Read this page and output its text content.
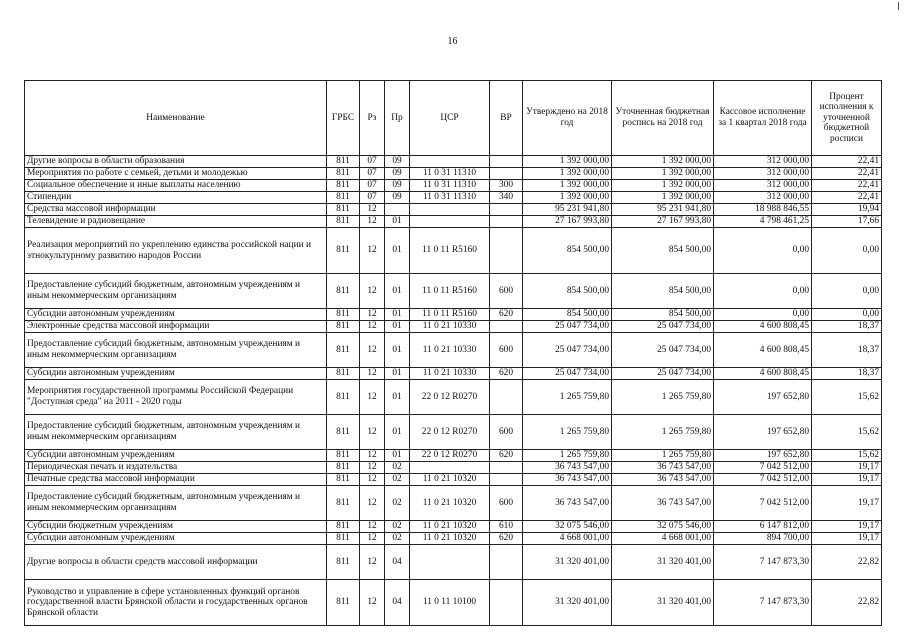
16
Наименование	ГРБС	Рз	Пр	ЦСР	ВР	Утверждено на 2018 год	Уточненная бюджетная роспись на 2018 год	Кассовое исполнение за 1 квартал 2018 года	Процент исполнения к уточненной бюджетной росписи
Другие вопросы в области образования	811	07	09			1 392 000,00	1 392 000,00	312 000,00	22,41
Мероприятия по работе с семьей, детьми и молодежью	811	07	09	11 0 31 11310		1 392 000,00	1 392 000,00	312 000,00	22,41
Социальное обеспечение и иные выплаты населению	811	07	09	11 0 31 11310	300	1 392 000,00	1 392 000,00	312 000,00	22,41
Стипендии	811	07	09	11 0 31 11310	340	1 392 000,00	1 392 000,00	312 000,00	22,41
Средства массовой информации	811	12				95 231 941,80	95 231 941,80	18 988 846,55	19,94
Телевидение и радиовещание	811	12	01			27 167 993,80	27 167 993,80	4 798 461,25	17,66
Реализация мероприятий по укреплению единства российской нации и этнокультурному развитию народов России	811	12	01	11 0 11 R5160		854 500,00	854 500,00	0,00	0,00
Предоставление субсидий бюджетным, автономным учреждениям и иным некоммерческим организациям	811	12	01	11 0 11 R5160	600	854 500,00	854 500,00	0,00	0,00
Субсидии автономным учреждениям	811	12	01	11 0 11 R5160	620	854 500,00	854 500,00	0,00	0,00
Электронные средства массовой информации	811	12	01	11 0 21 10330		25 047 734,00	25 047 734,00	4 600 808,45	18,37
Предоставление субсидий бюджетным, автономным учреждениям и иным некоммерческим организациям	811	12	01	11 0 21 10330	600	25 047 734,00	25 047 734,00	4 600 808,45	18,37
Субсидии автономным учреждениям	811	12	01	11 0 21 10330	620	25 047 734,00	25 047 734,00	4 600 808,45	18,37
Мероприятия государственной программы Российской Федерации "Доступная среда" на 2011 - 2020 годы	811	12	01	22 0 12 R0270		1 265 759,80	1 265 759,80	197 652,80	15,62
Предоставление субсидий бюджетным, автономным учреждениям и иным некоммерческим организациям	811	12	01	22 0 12 R0270	600	1 265 759,80	1 265 759,80	197 652,80	15,62
Субсидии автономным учреждениям	811	12	01	22 0 12 R0270	620	1 265 759,80	1 265 759,80	197 652,80	15,62
Периодическая печать и издательства	811	12	02			36 743 547,00	36 743 547,00	7 042 512,00	19,17
Печатные средства массовой информации	811	12	02	11 0 21 10320		36 743 547,00	36 743 547,00	7 042 512,00	19,17
Предоставление субсидий бюджетным, автономным учреждениям и иным некоммерческим организациям	811	12	02	11 0 21 10320	600	36 743 547,00	36 743 547,00	7 042 512,00	19,17
Субсидии бюджетным учреждениям	811	12	02	11 0 21 10320	610	32 075 546,00	32 075 546,00	6 147 812,00	19,17
Субсидии автономным учреждениям	811	12	02	11 0 21 10320	620	4 668 001,00	4 668 001,00	894 700,00	19,17
Другие вопросы в области средств массовой информации	811	12	04			31 320 401,00	31 320 401,00	7 147 873,30	22,82
Руководство и управление в сфере установленных функций органов государственной власти Брянской области и государственных органов Брянской области	811	12	04	11 0 11 10100		31 320 401,00	31 320 401,00	7 147 873,30	22,82
